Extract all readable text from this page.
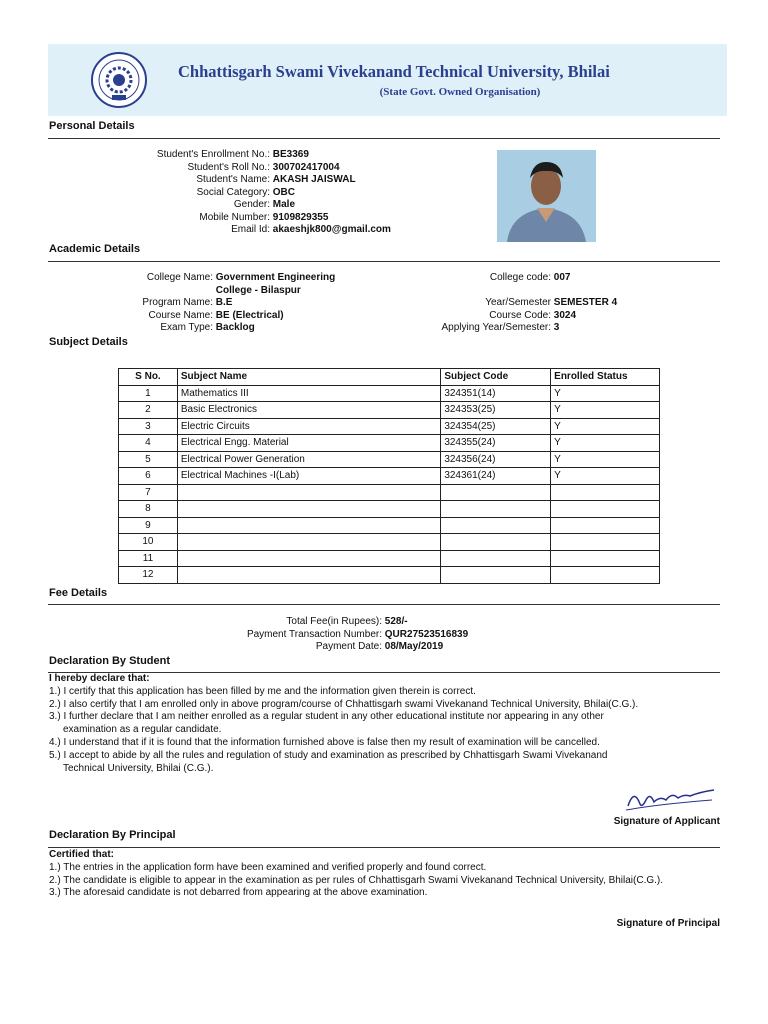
Chhattisgarh Swami Vivekanand Technical University, Bhilai
(State Govt. Owned Organisation)
Personal Details
Student's Enrollment No.: BE3369
Student's Roll No.: 300702417004
Student's Name: AKASH JAISWAL
Social Category: OBC
Gender: Male
Mobile Number: 9109829355
Email Id: akaeshjk800@gmail.com
Academic Details
College Name: Government Engineering
College - Bilaspur
Program Name: B.E
Course Name: BE (Electrical)
Exam Type: Backlog
College code: 007

Year/Semester SEMESTER 4
Course Code: 3024
Applying Year/Semester: 3
Subject Details
S No.	Subject Name	Subject Code	Enrolled Status
1	Mathematics III	324351(14)	Y
2	Basic Electronics	324353(25)	Y
3	Electric Circuits	324354(25)	Y
4	Electrical Engg. Material	324355(24)	Y
5	Electrical Power Generation	324356(24)	Y
6	Electrical Machines -I(Lab)	324361(24)	Y
7			
8			
9			
10			
11			
12			
Fee Details
Total Fee(in Rupees): 528/-
Payment Transaction Number: QUR27523516839
Payment Date: 08/May/2019
Declaration By Student
I hereby declare that:
1.) I certify that this application has been filled by me and the information given therein is correct.
2.) I also certify that I am enrolled only in above program/course of Chhattisgarh swami Vivekanand Technical University, Bhilai(C.G.).
3.) I further declare that I am neither enrolled as a regular student in any other educational institute nor appearing in any other
examination as a regular candidate.
4.) I understand that if it is found that the information furnished above is false then my result of examination will be cancelled.
5.) I accept to abide by all the rules and regulation of study and examination as prescribed by Chhattisgarh Swami Vivekanand
Technical University, Bhilai (C.G.).
Signature of Applicant
Declaration By Principal
Certified that:
1.) The entries in the application form have been examined and verified properly and found correct.
2.) The candidate is eligible to appear in the examination as per rules of Chhattisgarh Swami Vivekanand Technical University, Bhilai(C.G.).
3.) The aforesaid candidate is not debarred from appearing at the above examination.
Signature of Principal
